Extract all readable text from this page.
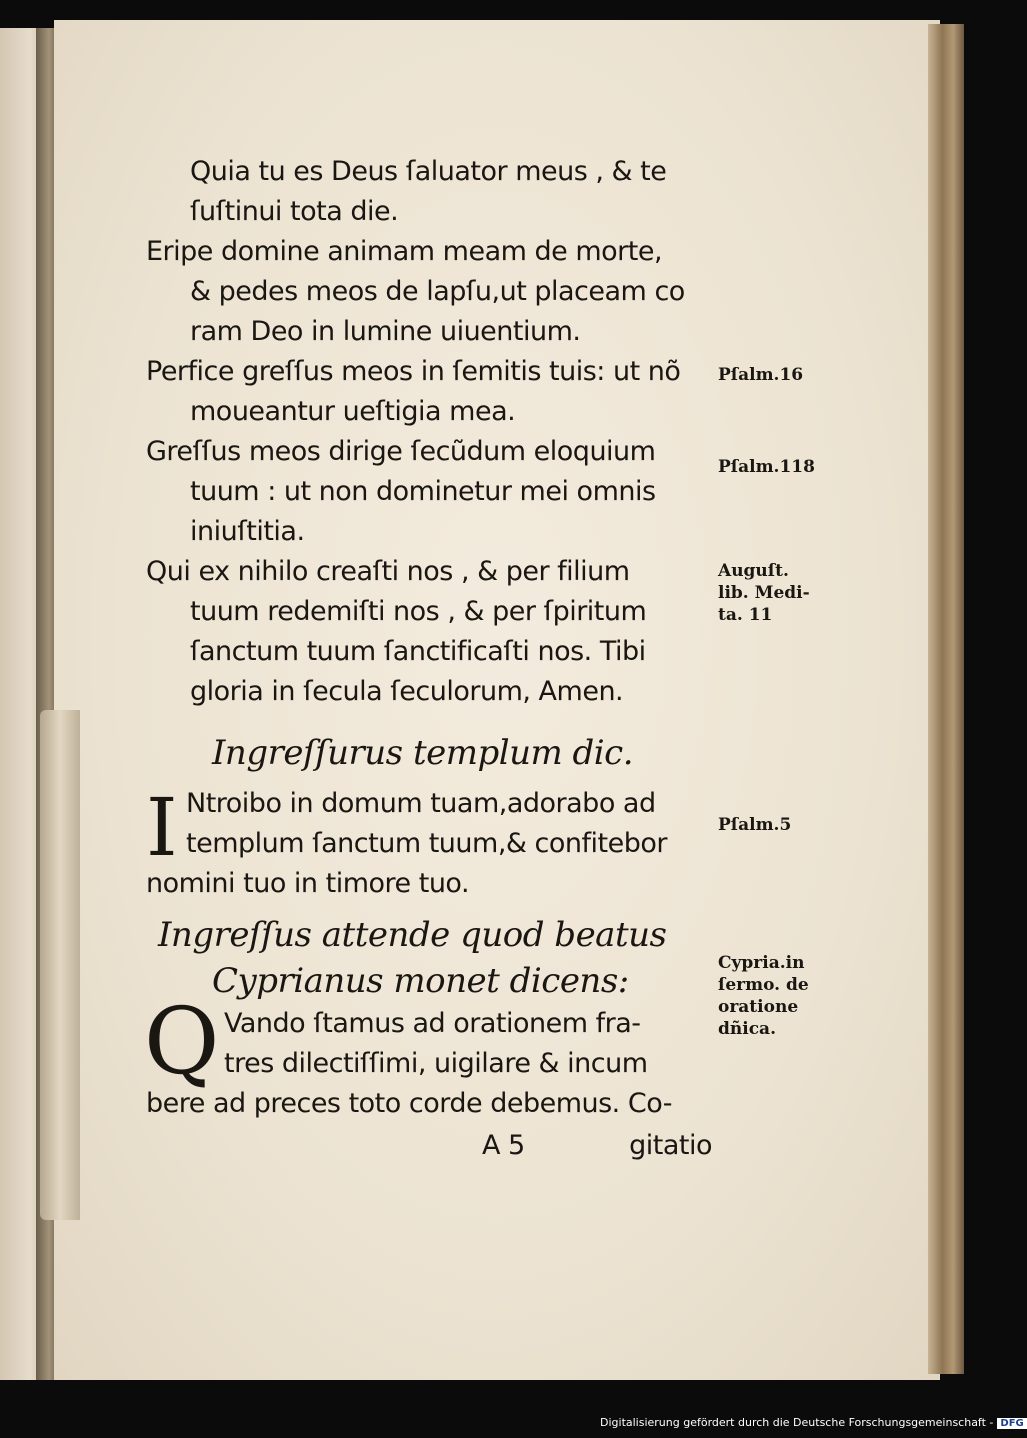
Quia tu es Deus ſaluator meus , & te
ſuſtinui tota die.
Eripe domine animam meam de morte,
& pedes meos de lapſu,ut placeam co
ram Deo in lumine uiuentium.
Perfice greſſus meos in ſemitis tuis: ut nõ
moueantur ueſtigia mea.
Greſſus meos dirige ſecũdum eloquium
tuum : ut non dominetur mei omnis
iniuſtitia.
Qui ex nihilo creaſti nos , & per filium
tuum redemiſti nos , & per ſpiritum
ſanctum tuum ſanctificaſti nos. Tibi
gloria in ſecula ſeculorum, Amen.
Ingreſſurus templum dic.
I Ntroibo in domum tuam,adorabo ad
templum ſanctum tuum,& confitebor
nomini tuo in timore tuo.
Ingreſſus attende quod beatus
Cyprianus monet dicens:
Q Vando ſtamus ad orationem fra-
tres dilectiſſimi, uigilare & incum
bere ad preces toto corde debemus. Co-
A 5	gitatio
Pſalm.16
Pſalm.118
Auguſt. lib. Medi- ta. 11
Pſalm.5
Cypria.in ſermo. de oratione dñica.
Digitalisierung gefördert durch die Deutsche Forschungsgemeinschaft - DFG
